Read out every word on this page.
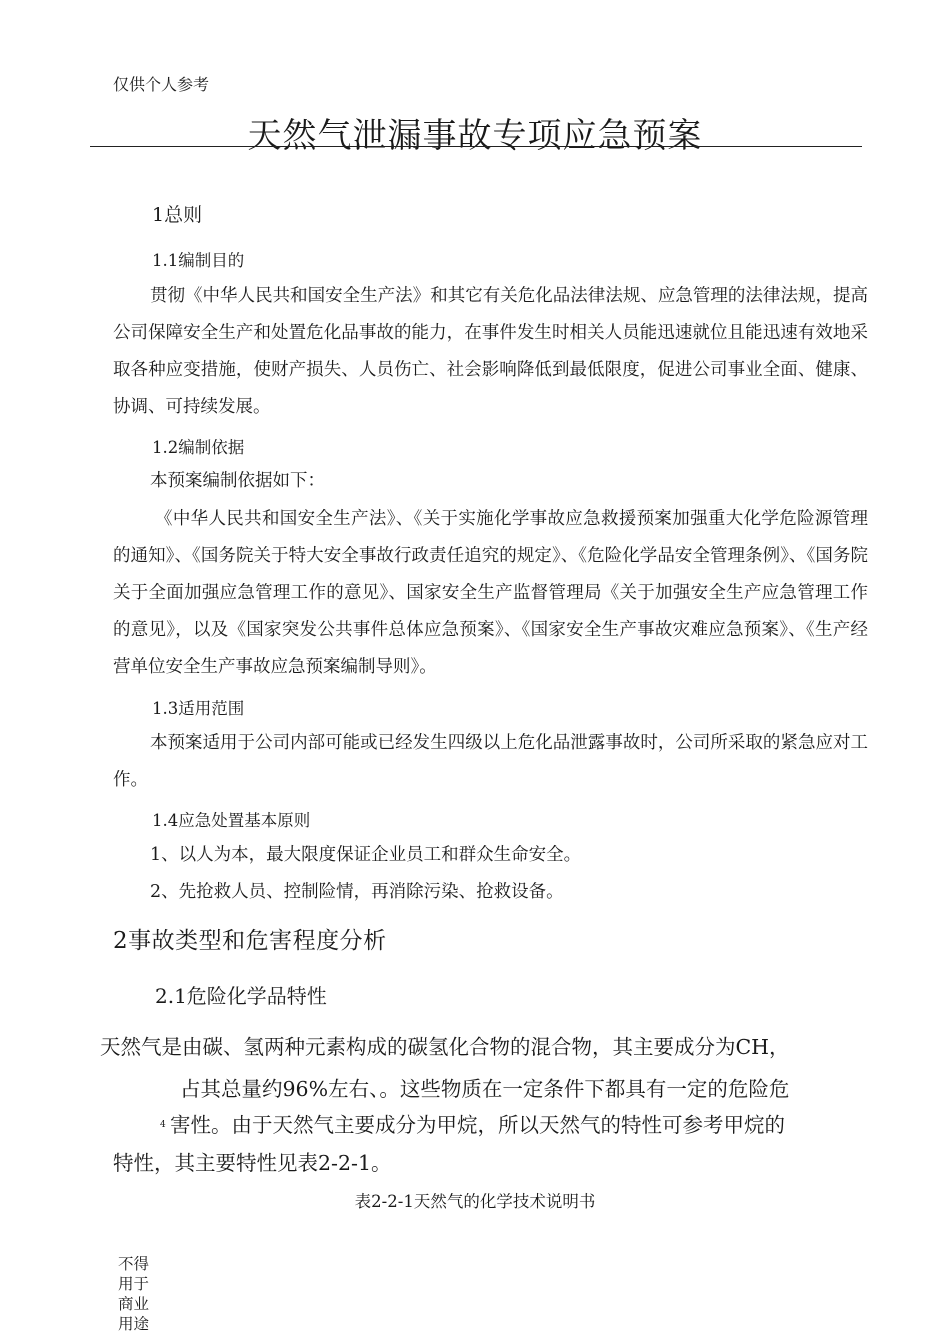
仅供个人参考
天然气泄漏事故专项应急预案
1总则
1.1编制目的
贯彻《中华人民共和国安全生产法》和其它有关危化品法律法规、应急管理的法律法规，提高公司保障安全生产和处置危化品事故的能力，在事件发生时相关人员能迅速就位且能迅速有效地采取各种应变措施，使财产损失、人员伤亡、社会影响降低到最低限度，促进公司事业全面、健康、协调、可持续发展。
1.2编制依据
本预案编制依据如下：
《中华人民共和国安全生产法》、《关于实施化学事故应急救援预案加强重大化学危险源管理的通知》、《国务院关于特大安全事故行政责任追究的规定》、《危险化学品安全管理条例》、《国务院关于全面加强应急管理工作的意见》、国家安全生产监督管理局《关于加强安全生产应急管理工作的意见》，以及《国家突发公共事件总体应急预案》、《国家安全生产事故灾难应急预案》、《生产经营单位安全生产事故应急预案编制导则》。
1.3适用范围
本预案适用于公司内部可能或已经发生四级以上危化品泄露事故时，公司所采取的紧急应对工作。
1.4应急处置基本原则
1、以人为本，最大限度保证企业员工和群众生命安全。
2、先抢救人员、控制险情，再消除污染、抢救设备。
2事故类型和危害程度分析
2.1危险化学品特性
天然气是由碳、氢两种元素构成的碳氢化合物的混合物，其主要成分为CH，
占其总量约96%左右、。这些物质在一定条件下都具有一定的危险危
4 害性。由于天然气主要成分为甲烷，所以天然气的特性可参考甲烷的
特性，其主要特性见表2-2-1。
表2-2-1天然气的化学技术说明书
不得用于商业用途
